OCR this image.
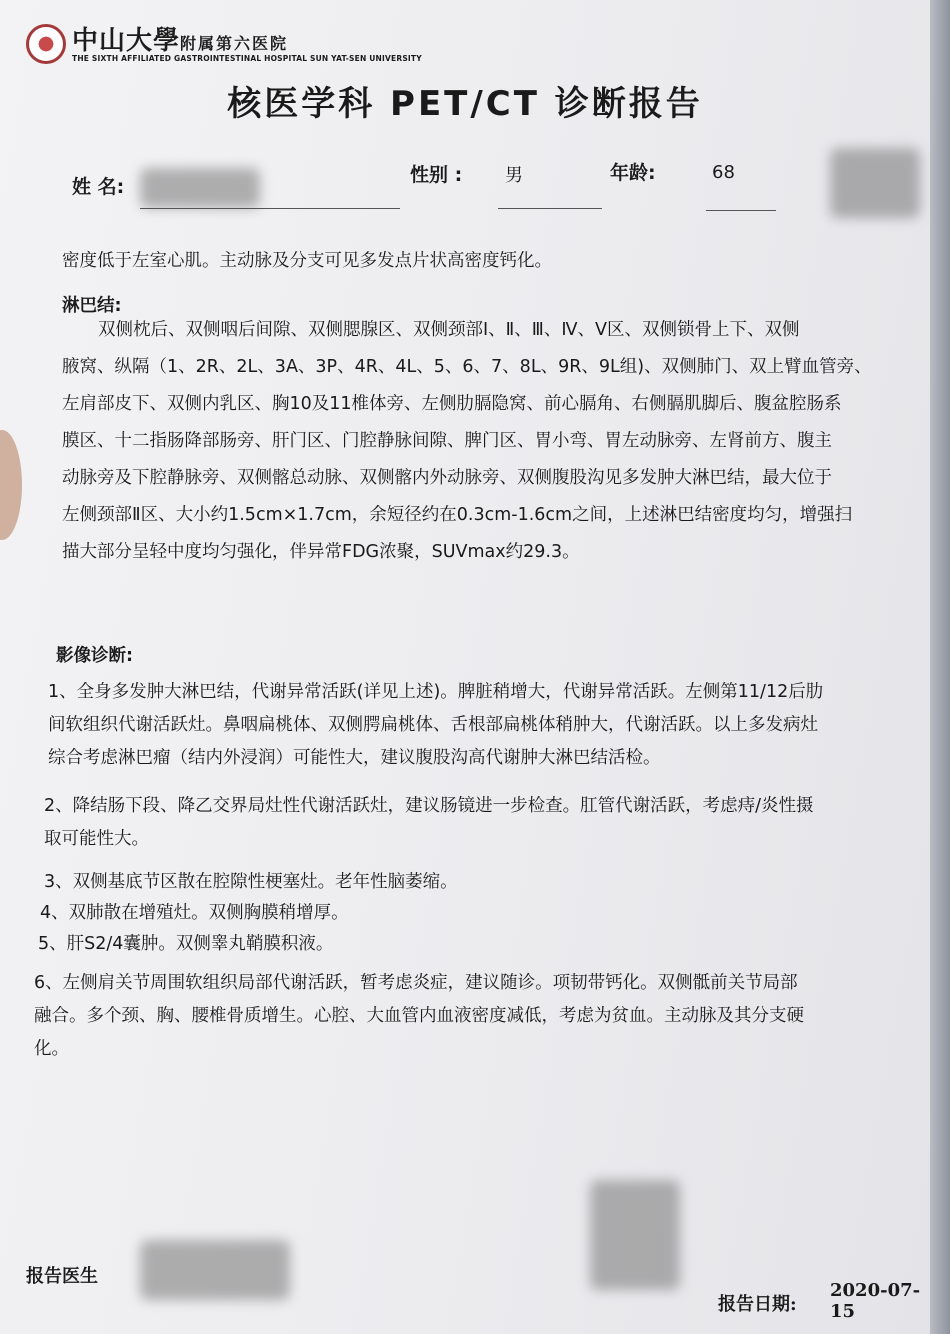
中山大學附属第六医院
THE SIXTH AFFILIATED GASTROINTESTINAL HOSPITAL SUN YAT-SEN UNIVERSITY
核医学科 PET/CT 诊断报告
姓 名:
性别 : 男	年龄:	68
密度低于左室心肌。主动脉及分支可见多发点片状高密度钙化。
淋巴结:
双侧枕后、双侧咽后间隙、双侧腮腺区、双侧颈部Ⅰ、Ⅱ、Ⅲ、Ⅳ、Ⅴ区、双侧锁骨上下、双侧
腋窝、纵隔（1、2R、2L、3A、3P、4R、4L、5、6、7、8L、9R、9L组)、双侧肺门、双上臂血管旁、
左肩部皮下、双侧内乳区、胸10及11椎体旁、左侧肋膈隐窝、前心膈角、右侧膈肌脚后、腹盆腔肠系
膜区、十二指肠降部肠旁、肝门区、门腔静脉间隙、脾门区、胃小弯、胃左动脉旁、左肾前方、腹主
动脉旁及下腔静脉旁、双侧髂总动脉、双侧髂内外动脉旁、双侧腹股沟见多发肿大淋巴结，最大位于
左侧颈部Ⅱ区、大小约1.5cm×1.7cm，余短径约在0.3cm-1.6cm之间，上述淋巴结密度均匀，增强扫
描大部分呈轻中度均匀强化，伴异常FDG浓聚，SUVmax约29.3。
影像诊断:
1、全身多发肿大淋巴结，代谢异常活跃(详见上述)。脾脏稍增大，代谢异常活跃。左侧第11/12后肋
间软组织代谢活跃灶。鼻咽扁桃体、双侧腭扁桃体、舌根部扁桃体稍肿大，代谢活跃。以上多发病灶
综合考虑淋巴瘤（结内外浸润）可能性大，建议腹股沟高代谢肿大淋巴结活检。
2、降结肠下段、降乙交界局灶性代谢活跃灶，建议肠镜进一步检查。肛管代谢活跃，考虑痔/炎性摄
取可能性大。
3、双侧基底节区散在腔隙性梗塞灶。老年性脑萎缩。
4、双肺散在增殖灶。双侧胸膜稍增厚。
5、肝S2/4囊肿。双侧睾丸鞘膜积液。
6、左侧肩关节周围软组织局部代谢活跃，暂考虑炎症，建议随诊。项韧带钙化。双侧骶前关节局部
融合。多个颈、胸、腰椎骨质增生。心腔、大血管内血液密度减低，考虑为贫血。主动脉及其分支硬
化。
报告医生
报告日期:
2020-07-15
